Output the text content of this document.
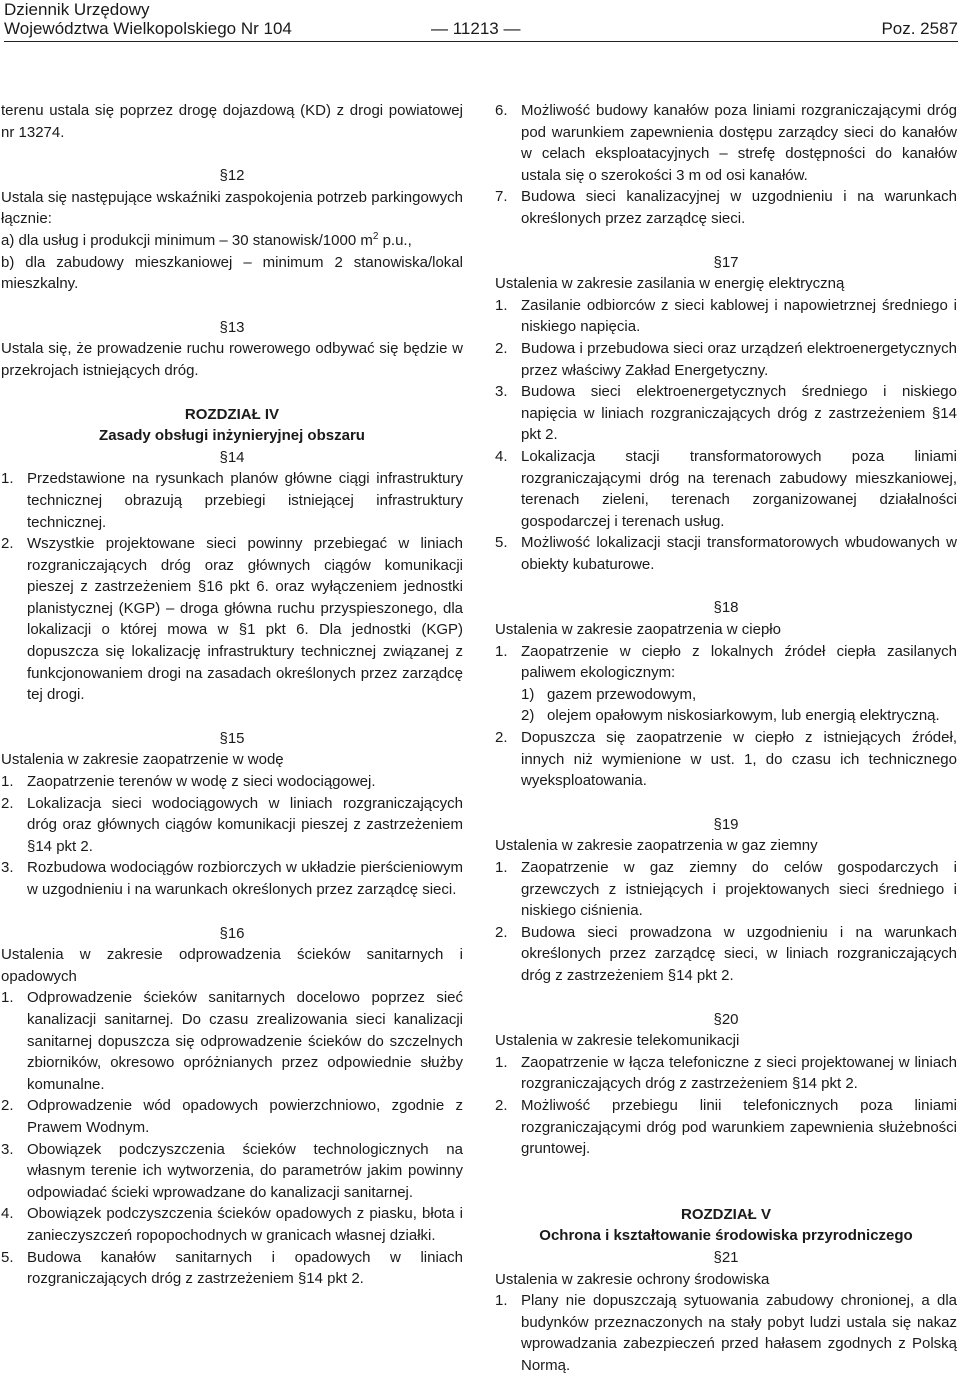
Dziennik Urzędowy
Województwa Wielkopolskiego Nr 104	— 11213 —	Poz. 2587

terenu ustala się poprzez drogę dojazdową (KD) z drogi powiatowej nr 13274.

§12

Ustala się następujące wskaźniki zaspokojenia potrzeb parkingowych łącznie:

a) dla usług i produkcji minimum – 30 stanowisk/1000 $m^2$ p.u.,

b) dla zabudowy mieszkaniowej – minimum 2 stanowiska/lokal mieszkalny.

§13

Ustala się, że prowadzenie ruchu rowerowego odbywać się będzie w przekrojach istniejących dróg.

ROZDZIAŁ IV
Zasady obsługi inżynieryjnej obszaru
§14
1. Przedstawione na rysunkach planów główne ciągi infrastruktury technicznej obrazują przebiegi istniejącej infrastruktury technicznej.
2. Wszystkie projektowane sieci powinny przebiegać w liniach rozgraniczających dróg oraz głównych ciągów komunikacji pieszej z zastrzeżeniem §16 pkt 6. oraz wyłączeniem jednostki planistycznej (KGP) – droga główna ruchu przyspieszonego, dla lokalizacji o której mowa w §1 pkt 6. Dla jednostki (KGP) dopuszcza się lokalizację infrastruktury technicznej związanej z funkcjonowaniem drogi na zasadach określonych przez zarządcę tej drogi.
§15

Ustalenia w zakresie zaopatrzenie w wodę

1. Zaopatrzenie terenów w wodę z sieci wodociągowej.
2. Lokalizacja sieci wodociągowych w liniach rozgraniczających dróg oraz głównych ciągów komunikacji pieszej z zastrzeżeniem §14 pkt 2.
3. Rozbudowa wodociągów rozbiorczych w układzie pierścieniowym w uzgodnieniu i na warunkach określonych przez zarządcę sieci.
§16

Ustalenia w zakresie odprowadzenia ścieków sanitarnych i opadowych

1. Odprowadzenie ścieków sanitarnych docelowo poprzez sieć kanalizacji sanitarnej. Do czasu zrealizowania sieci kanalizacji sanitarnej dopuszcza się odprowadzenie ścieków do szczelnych zbiorników, okresowo opróżnianych przez odpowiednie służby komunalne.
2. Odprowadzenie wód opadowych powierzchniowo, zgodnie z Prawem Wodnym.
3. Obowiązek podczyszczenia ścieków technologicznych na własnym terenie ich wytworzenia, do parametrów jakim powinny odpowiadać ścieki wprowadzane do kanalizacji sanitarnej.
4. Obowiązek podczyszczenia ścieków opadowych z piasku, błota i zanieczyszczeń ropopochodnych w granicach własnej działki.
5. Budowa kanałów sanitarnych i opadowych w liniach rozgraniczających dróg z zastrzeżeniem §14 pkt 2.
6. Możliwość budowy kanałów poza liniami rozgraniczającymi dróg pod warunkiem zapewnienia dostępu zarządcy sieci do kanałów w celach eksploatacyjnych – strefę dostępności do kanałów ustala się o szerokości 3 m od osi kanałów.
7. Budowa sieci kanalizacyjnej w uzgodnieniu i na warunkach określonych przez zarządcę sieci.
§17

Ustalenia w zakresie zasilania w energię elektryczną

1. Zasilanie odbiorców z sieci kablowej i napowietrznej średniego i niskiego napięcia.
2. Budowa i przebudowa sieci oraz urządzeń elektroenergetycznych przez właściwy Zakład Energetyczny.
3. Budowa sieci elektroenergetycznych średniego i niskiego napięcia w liniach rozgraniczających dróg z zastrzeżeniem §14 pkt 2.
4. Lokalizacja stacji transformatorowych poza liniami rozgraniczającymi dróg na terenach zabudowy mieszkaniowej, terenach zieleni, terenach zorganizowanej działalności gospodarczej i terenach usług.
5. Możliwość lokalizacji stacji transformatorowych wbudowanych w obiekty kubaturowe.
§18

Ustalenia w zakresie zaopatrzenia w ciepło

1. Zaopatrzenie w ciepło z lokalnych źródeł ciepła zasilanych paliwem ekologicznym:
1) gazem przewodowym,
2) olejem opałowym niskosiarkowym, lub energią elektryczną.
2. Dopuszcza się zaopatrzenie w ciepło z istniejących źródeł, innych niż wymienione w ust. 1, do czasu ich technicznego wyeksploatowania.
§19

Ustalenia w zakresie zaopatrzenia w gaz ziemny

1. Zaopatrzenie w gaz ziemny do celów gospodarczych i grzewczych z istniejących i projektowanych sieci średniego i niskiego ciśnienia.
2. Budowa sieci prowadzona w uzgodnieniu i na warunkach określonych przez zarządcę sieci, w liniach rozgraniczających dróg z zastrzeżeniem §14 pkt 2.
§20

Ustalenia w zakresie telekomunikacji

1. Zaopatrzenie w łącza telefoniczne z sieci projektowanej w liniach rozgraniczających dróg z zastrzeżeniem §14 pkt 2.
2. Możliwość przebiegu linii telefonicznych poza liniami rozgraniczającymi dróg pod warunkiem zapewnienia służebności gruntowej.
ROZDZIAŁ V
Ochrona i kształtowanie środowiska przyrodniczego
§21

Ustalenia w zakresie ochrony środowiska

1. Plany nie dopuszczają sytuowania zabudowy chronionej, a dla budynków przeznaczonych na stały pobyt ludzi ustala się nakaz wprowadzania zabezpieczeń przed hałasem zgodnych z Polską Normą.
